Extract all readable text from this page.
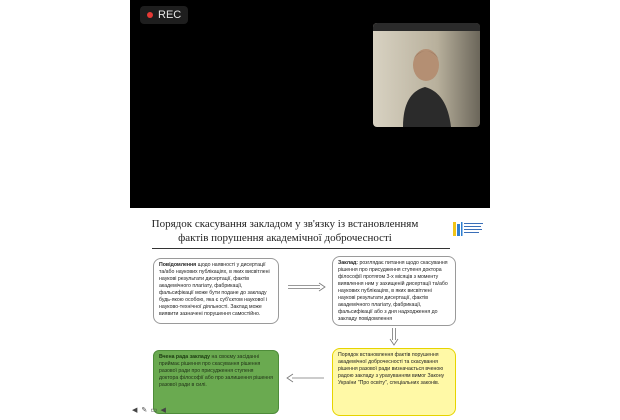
REC
Порядок скасування закладом у зв'язку із встановленням
фактів порушення академічної доброчесності
Повідомлення щодо наявності у дисертації та/або наукових публікаціях, в яких висвітлені наукові результати дисертації, фактів академічного плагіату, фабрикації, фальсифікації може бути подане до закладу будь-якою особою, яка є суб'єктом наукової і науково-технічної діяльності. Заклад може виявити зазначені порушення самостійно.
Заклад: розглядає питання щодо скасування рішення про присудження ступеня доктора філософії протягом 3-х місяців з моменту виявлення ним у захищеній дисертації та/або наукових публікаціях, в яких висвітлені наукові результати дисертації, фактів академічного плагіату, фабрикації, фальсифікації або з дня надходження до закладу повідомлення
Порядок встановлення фактів порушення академічної доброчесності та скасування рішення разової ради визначається вченою радою закладу з урахуванням вимог Закону України "Про освіту", спеціальних законів.
Вчена рада закладу на своєму засіданні приймає рішення про скасування рішення разової ради про присудження ступеня доктора філософії або про залишення рішення разової ради в силі.
◀ ✎ ▭ ◀
